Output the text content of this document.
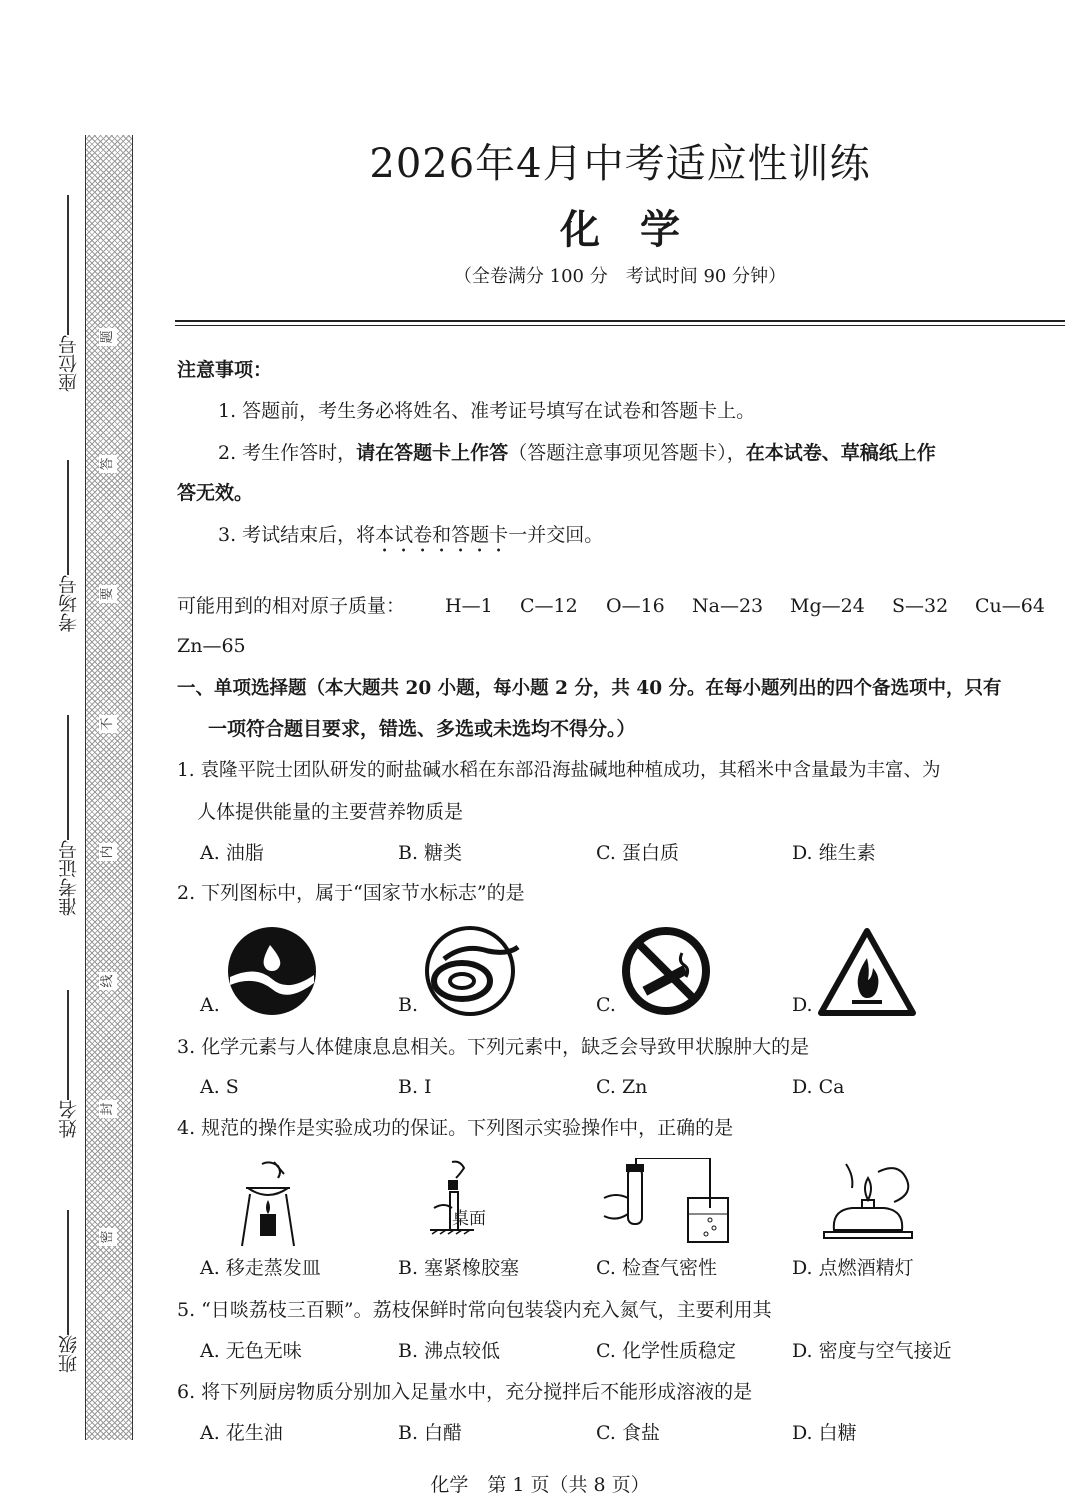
题
答
要
不
内
线
封
密
座位号
考场号
准考证号
姓名
班级
2026年4月中考适应性训练
化学
（全卷满分 100 分　考试时间 90 分钟）
注意事项：
1. 答题前，考生务必将姓名、准考证号填写在试卷和答题卡上。
2. 考生作答时，请在答题卡上作答（答题注意事项见答题卡），在本试卷、草稿纸上作
答无效。
3. 考试结束后，将本试卷和答题卡一并交回。
可能用到的相对原子质量： H—1 C—12 O—16 Na—23 Mg—24 S—32 Cu—64
Zn—65
一、单项选择题（本大题共 20 小题，每小题 2 分，共 40 分。在每小题列出的四个备选项中，只有
一项符合题目要求，错选、多选或未选均不得分。）
1. 袁隆平院士团队研发的耐盐碱水稻在东部沿海盐碱地种植成功，其稻米中含量最为丰富、为
人体提供能量的主要营养物质是
A. 油脂	B. 糖类	C. 蛋白质	D. 维生素
2. 下列图标中，属于“国家节水标志”的是
A.	B.	C.	D.
3. 化学元素与人体健康息息相关。下列元素中，缺乏会导致甲状腺肿大的是
A. S	B. I	C. Zn	D. Ca
4. 规范的操作是实验成功的保证。下列图示实验操作中，正确的是
桌面
A. 移走蒸发皿	B. 塞紧橡胶塞	C. 检查气密性	D. 点燃酒精灯
5. “日啖荔枝三百颗”。荔枝保鲜时常向包装袋内充入氮气，主要利用其
A. 无色无味	B. 沸点较低	C. 化学性质稳定	D. 密度与空气接近
6. 将下列厨房物质分别加入足量水中，充分搅拌后不能形成溶液的是
A. 花生油	B. 白醋	C. 食盐	D. 白糖
化学　第 1 页（共 8 页）
